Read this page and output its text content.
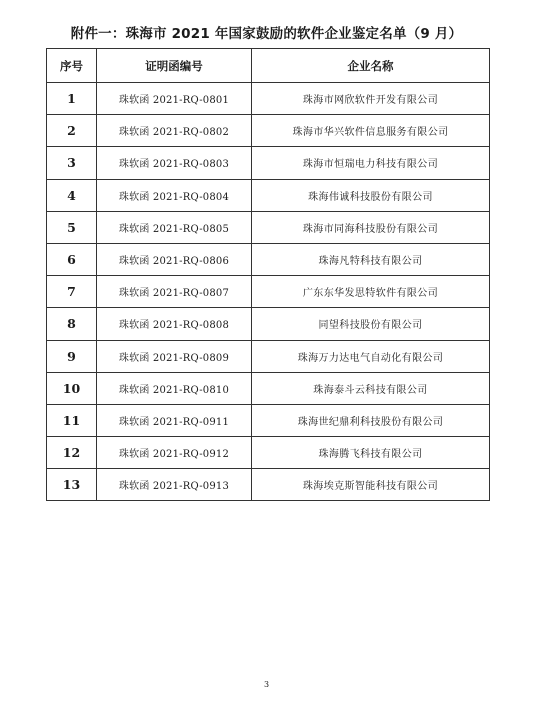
附件一：珠海市 2021 年国家鼓励的软件企业鉴定名单（9 月）
序号	证明函编号	企业名称
1	珠软函 2021-RQ-0801	珠海市网欣软件开发有限公司
2	珠软函 2021-RQ-0802	珠海市华兴软件信息服务有限公司
3	珠软函 2021-RQ-0803	珠海市恒瑞电力科技有限公司
4	珠软函 2021-RQ-0804	珠海伟诚科技股份有限公司
5	珠软函 2021-RQ-0805	珠海市同海科技股份有限公司
6	珠软函 2021-RQ-0806	珠海凡特科技有限公司
7	珠软函 2021-RQ-0807	广东东华发思特软件有限公司
8	珠软函 2021-RQ-0808	同望科技股份有限公司
9	珠软函 2021-RQ-0809	珠海万力达电气自动化有限公司
10	珠软函 2021-RQ-0810	珠海泰斗云科技有限公司
11	珠软函 2021-RQ-0911	珠海世纪鼎利科技股份有限公司
12	珠软函 2021-RQ-0912	珠海腾飞科技有限公司
13	珠软函 2021-RQ-0913	珠海埃克斯智能科技有限公司
3
